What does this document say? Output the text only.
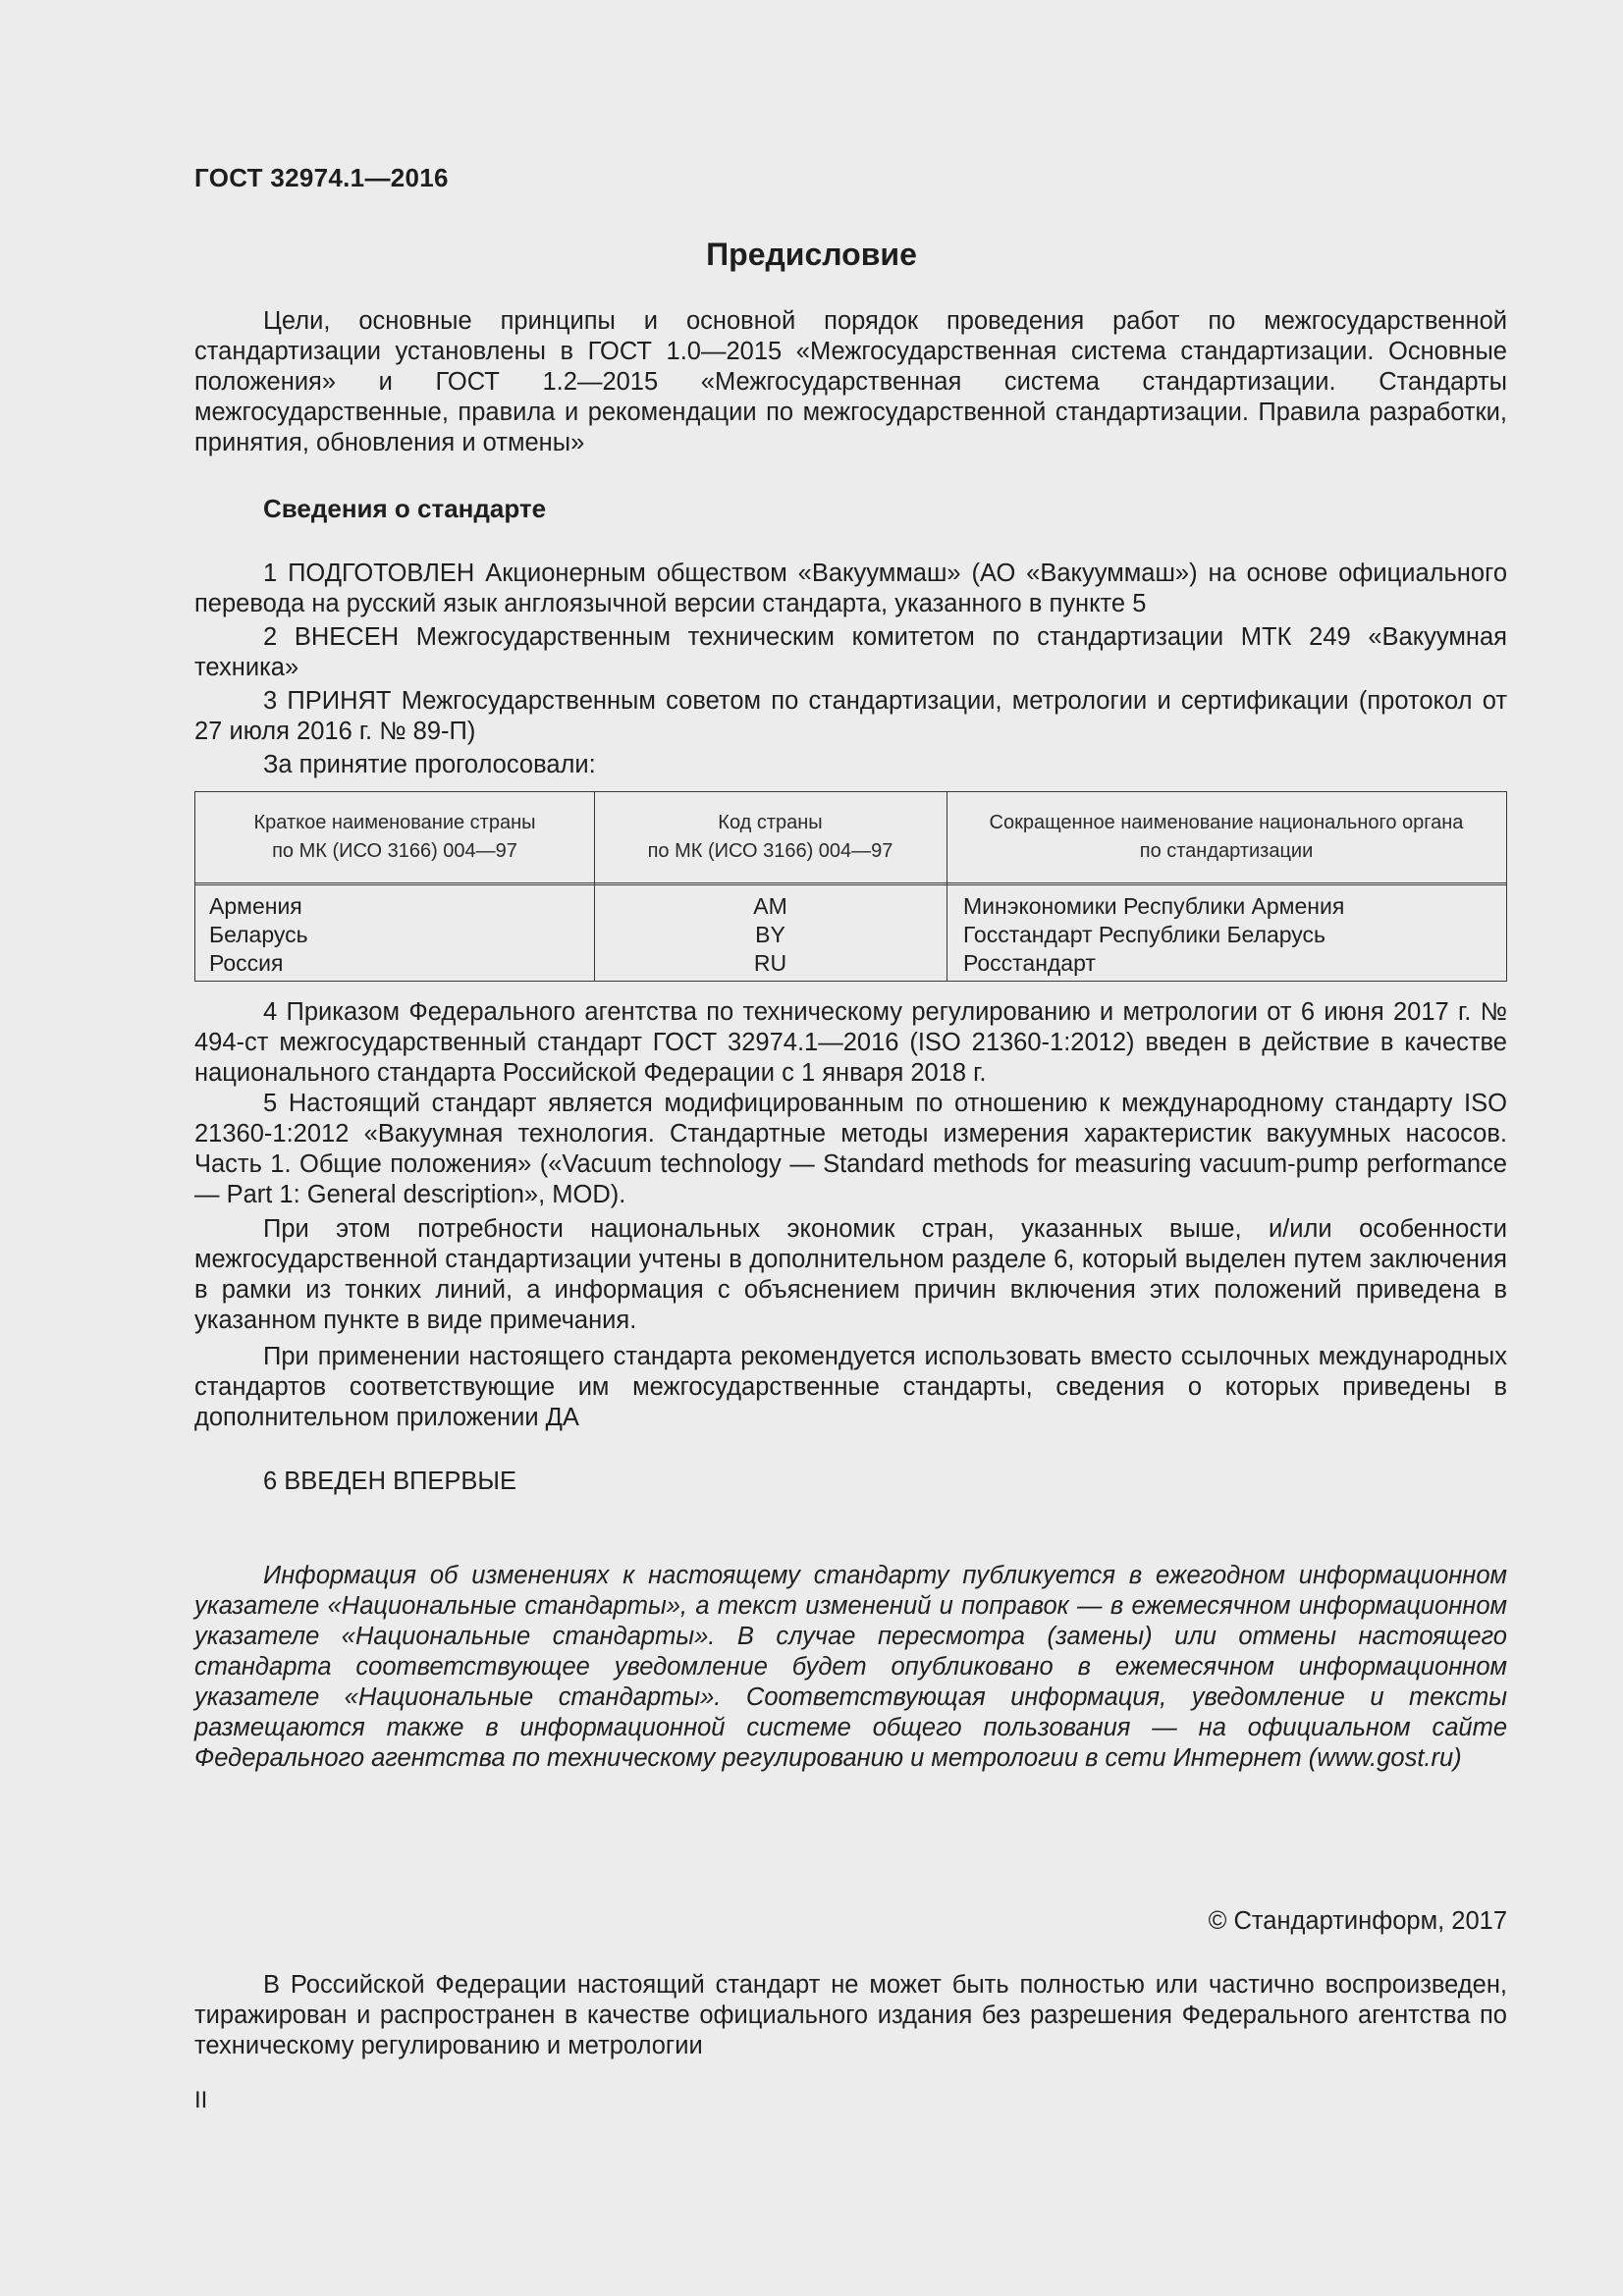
ГОСТ 32974.1—2016
Предисловие
Цели, основные принципы и основной порядок проведения работ по межгосударственной стандартизации установлены в ГОСТ 1.0—2015 «Межгосударственная система стандартизации. Основные положения» и ГОСТ 1.2—2015 «Межгосударственная система стандартизации. Стандарты межгосударственные, правила и рекомендации по межгосударственной стандартизации. Правила разработки, принятия, обновления и отмены»
Сведения о стандарте
1 ПОДГОТОВЛЕН Акционерным обществом «Вакууммаш» (АО «Вакууммаш») на основе официального перевода на русский язык англоязычной версии стандарта, указанного в пункте 5
2 ВНЕСЕН Межгосударственным техническим комитетом по стандартизации МТК 249 «Вакуумная техника»
3 ПРИНЯТ Межгосударственным советом по стандартизации, метрологии и сертификации (протокол от 27 июля 2016 г. № 89-П)
За принятие проголосовали:
Краткое наименование страны
по МК (ИСО 3166) 004—97
Код страны
по МК (ИСО 3166) 004—97
Сокращенное наименование национального органа
по стандартизации
Армения
Беларусь
Россия
AM
BY
RU
Минэкономики Республики Армения
Госстандарт Республики Беларусь
Росстандарт
4 Приказом Федерального агентства по техническому регулированию и метрологии от 6 июня 2017 г. № 494-ст межгосударственный стандарт ГОСТ 32974.1—2016 (ISO 21360-1:2012) введен в действие в качестве национального стандарта Российской Федерации с 1 января 2018 г.
5 Настоящий стандарт является модифицированным по отношению к международному стандарту ISO 21360-1:2012 «Вакуумная технология. Стандартные методы измерения характеристик вакуумных насосов. Часть 1. Общие положения» («Vacuum technology — Standard methods for measuring vacuum-pump performance — Part 1: General description», MOD).
При этом потребности национальных экономик стран, указанных выше, и/или особенности межгосударственной стандартизации учтены в дополнительном разделе 6, который выделен путем заключения в рамки из тонких линий, а информация с объяснением причин включения этих положений приведена в указанном пункте в виде примечания.
При применении настоящего стандарта рекомендуется использовать вместо ссылочных международных стандартов соответствующие им межгосударственные стандарты, сведения о которых приведены в дополнительном приложении ДА
6 ВВЕДЕН ВПЕРВЫЕ
Информация об изменениях к настоящему стандарту публикуется в ежегодном информационном указателе «Национальные стандарты», а текст изменений и поправок — в ежемесячном информационном указателе «Национальные стандарты». В случае пересмотра (замены) или отмены настоящего стандарта соответствующее уведомление будет опубликовано в ежемесячном информационном указателе «Национальные стандарты». Соответствующая информация, уведомление и тексты размещаются также в информационной системе общего пользования — на официальном сайте Федерального агентства по техническому регулированию и метрологии в сети Интернет (www.gost.ru)
© Стандартинформ, 2017
В Российской Федерации настоящий стандарт не может быть полностью или частично воспроизведен, тиражирован и распространен в качестве официального издания без разрешения Федерального агентства по техническому регулированию и метрологии
II
